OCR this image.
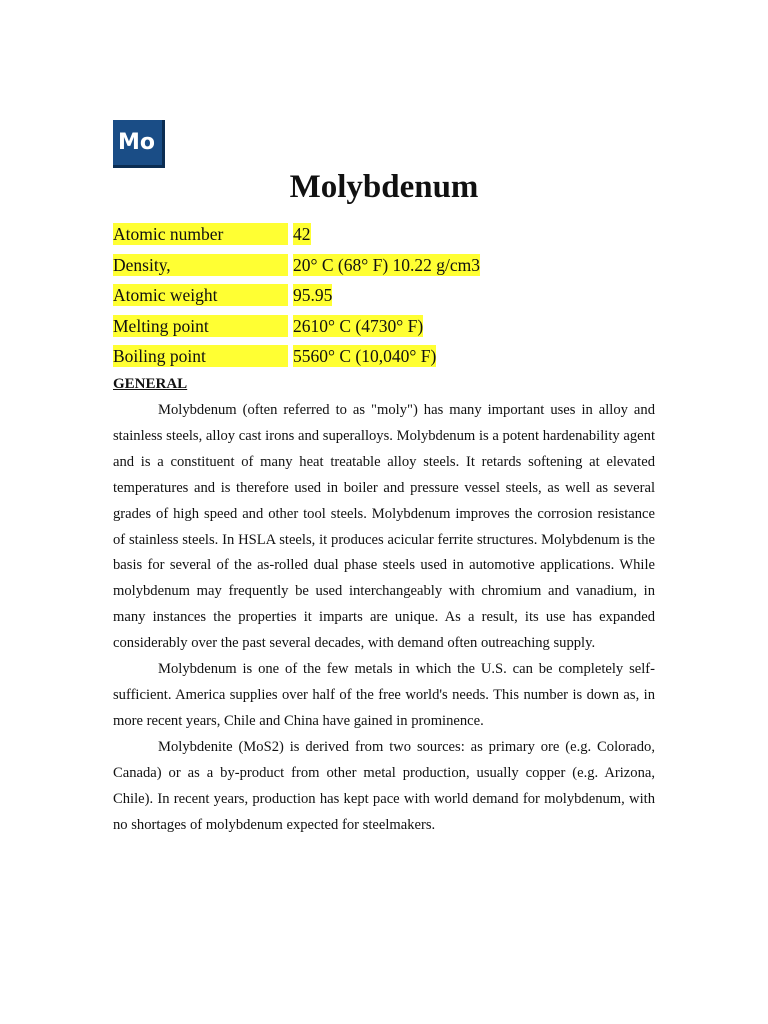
Mo
Molybdenum
Atomic number	42
Density,	20° C (68° F) 10.22 g/cm3
Atomic weight	95.95
Melting point	2610° C (4730° F)
Boiling point	5560° C (10,040° F)
GENERAL

Molybdenum (often referred to as "moly") has many important uses in alloy and stainless steels, alloy cast irons and superalloys. Molybdenum is a potent hardenability agent and is a constituent of many heat treatable alloy steels. It retards softening at elevated temperatures and is therefore used in boiler and pressure vessel steels, as well as several grades of high speed and other tool steels. Molybdenum improves the corrosion resistance of stainless steels. In HSLA steels, it produces acicular ferrite structures. Molybdenum is the basis for several of the as-rolled dual phase steels used in automotive applications. While molybdenum may frequently be used interchangeably with chromium and vanadium, in many instances the properties it imparts are unique. As a result, its use has expanded considerably over the past several decades, with demand often outreaching supply.

Molybdenum is one of the few metals in which the U.S. can be completely self-sufficient. America supplies over half of the free world's needs. This number is down as, in more recent years, Chile and China have gained in prominence.

Molybdenite (MoS2) is derived from two sources: as primary ore (e.g. Colorado, Canada) or as a by-product from other metal production, usually copper (e.g. Arizona, Chile). In recent years, production has kept pace with world demand for molybdenum, with no shortages of molybdenum expected for steelmakers.
